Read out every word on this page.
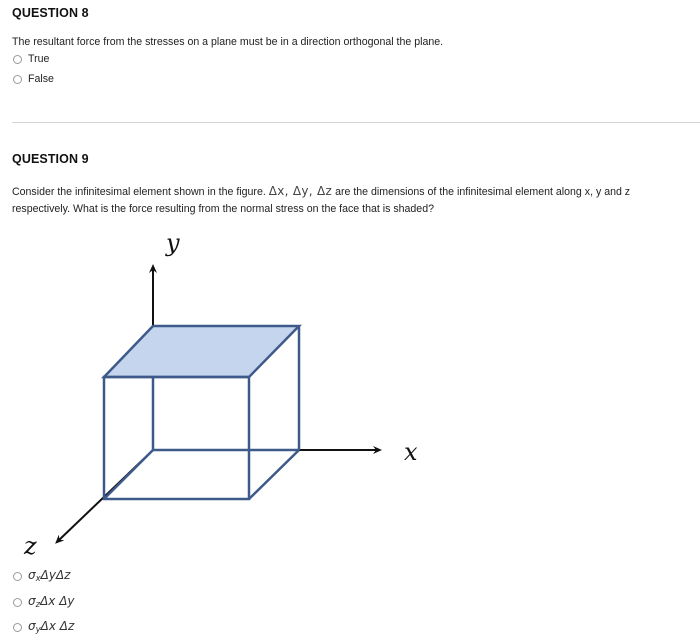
QUESTION 8
The resultant force from the stresses on a plane must be in a direction orthogonal the plane.
True
False
QUESTION 9
Consider the infinitesimal element shown in the figure. Δx, Δy, Δz are the dimensions of the infinitesimal element along x, y and z
respectively. What is the force resulting from the normal stress on the face that is shaded?
y
x
z
$\sigma_x\Delta y\Delta z$
$\sigma_z\Delta x$ Δy
$\sigma_y\Delta x$ Δz
